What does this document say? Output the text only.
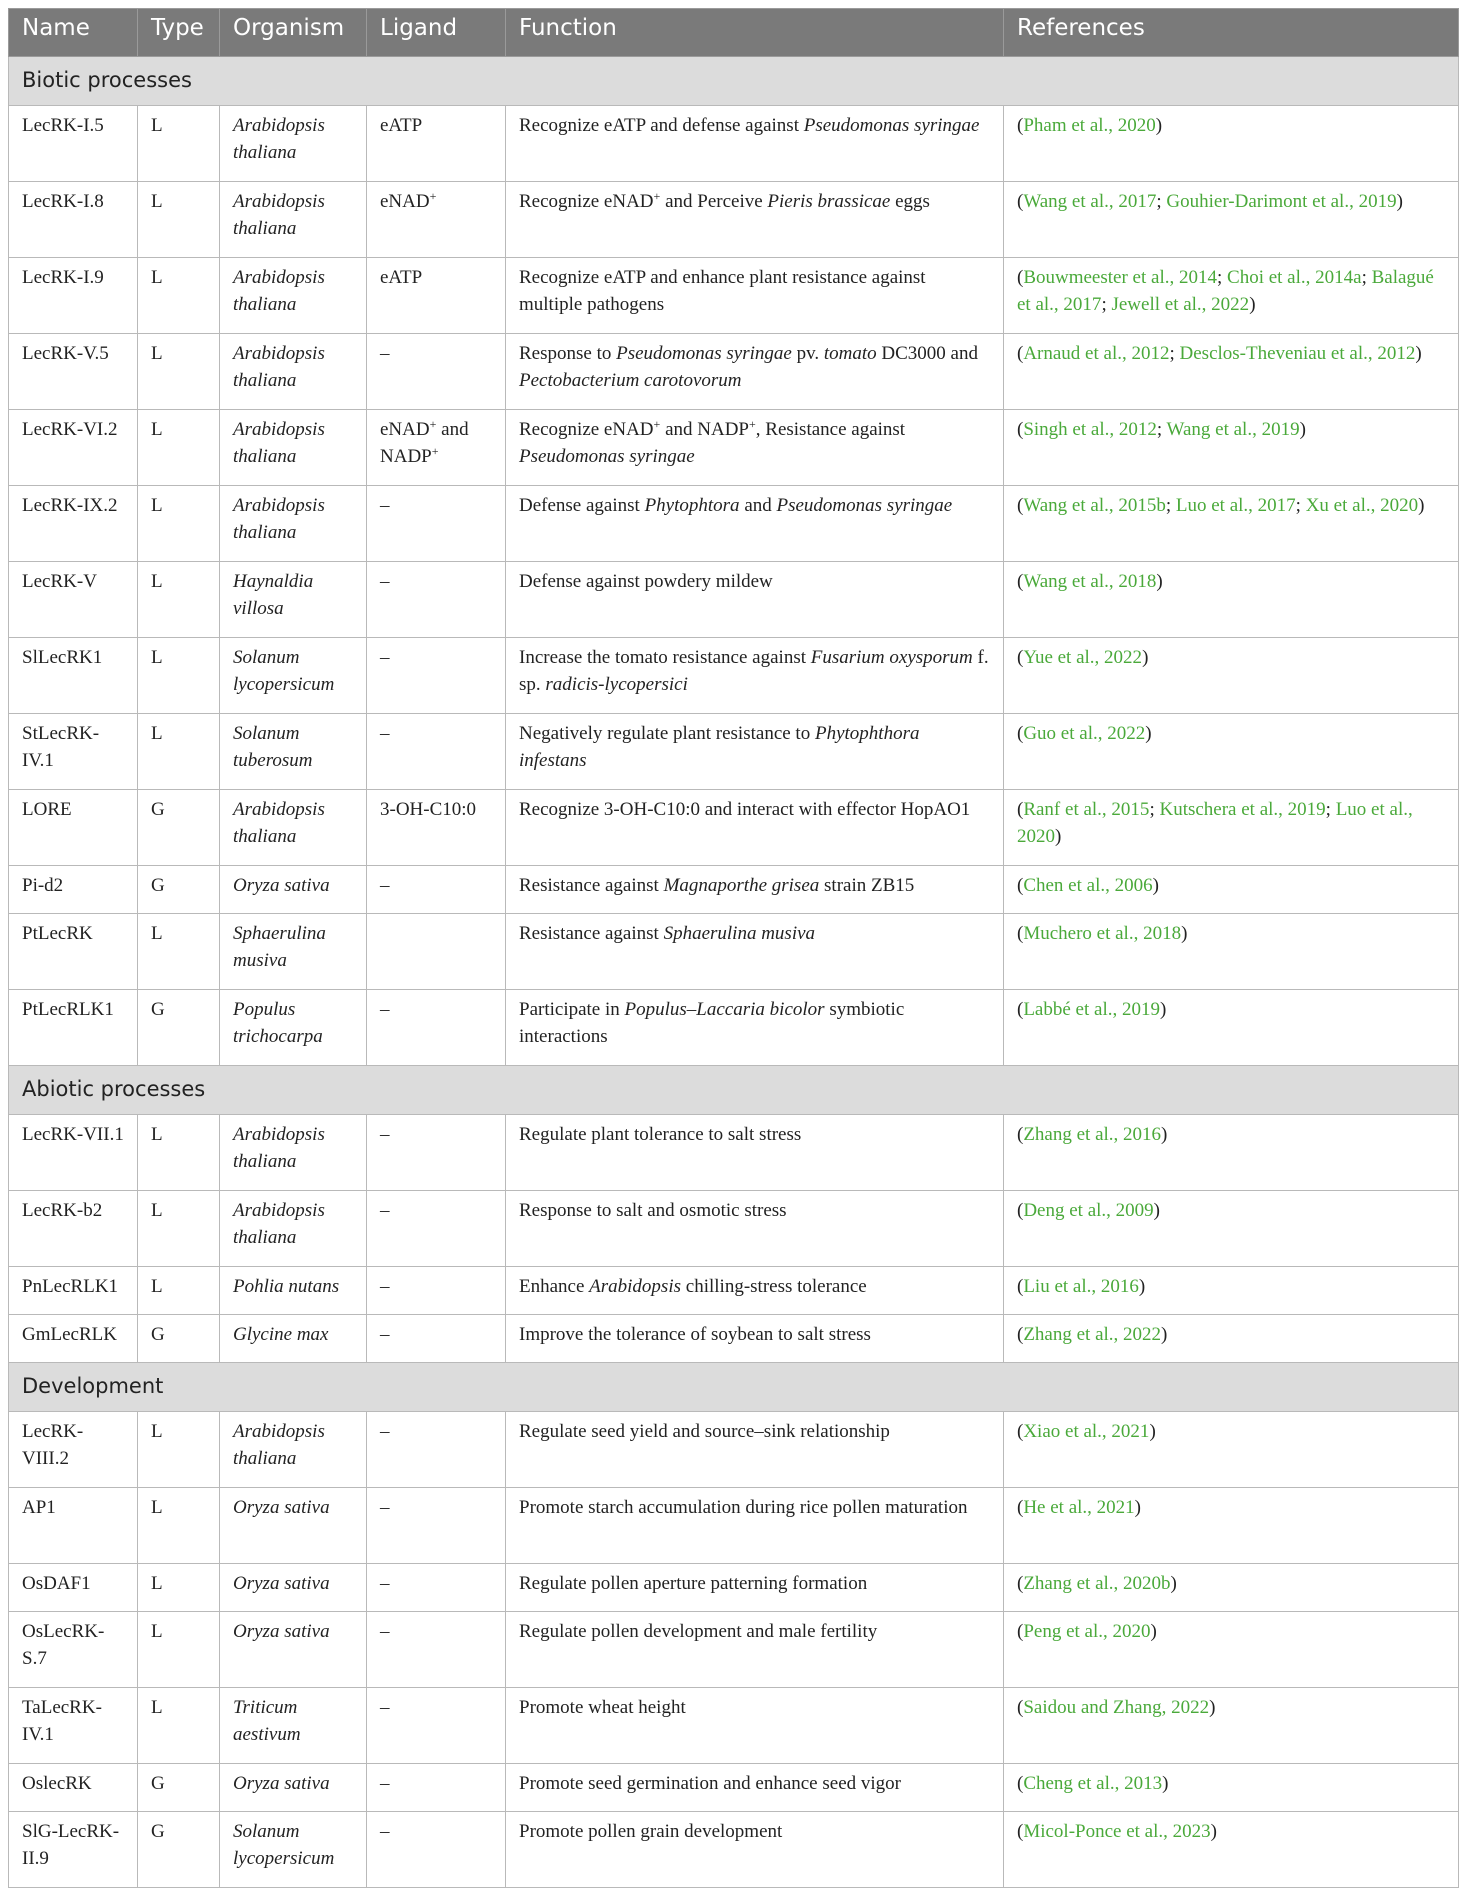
Name	Type	Organism	Ligand	Function	References
Biotic processes					
LecRK-I.5	L	Arabidopsis thaliana	eATP	Recognize eATP and defense against Pseudomonas syringae	(Pham et al., 2020)
LecRK-I.8	L	Arabidopsis thaliana	eNAD+	Recognize eNAD+ and Perceive Pieris brassicae eggs	(Wang et al., 2017; Gouhier-Darimont et al., 2019)
LecRK-I.9	L	Arabidopsis thaliana	eATP	Recognize eATP and enhance plant resistance against multiple pathogens	(Bouwmeester et al., 2014; Choi et al., 2014a; Balagué et al., 2017; Jewell et al., 2022)
LecRK-V.5	L	Arabidopsis thaliana	–	Response to Pseudomonas syringae pv. tomato DC3000 and Pectobacterium carotovorum	(Arnaud et al., 2012; Desclos-Theveniau et al., 2012)
LecRK-VI.2	L	Arabidopsis thaliana	eNAD+ and NADP+	Recognize eNAD+ and NADP+, Resistance against Pseudomonas syringae	(Singh et al., 2012; Wang et al., 2019)
LecRK-IX.2	L	Arabidopsis thaliana	–	Defense against Phytophtora and Pseudomonas syringae	(Wang et al., 2015b; Luo et al., 2017; Xu et al., 2020)
LecRK-V	L	Haynaldia villosa	–	Defense against powdery mildew	(Wang et al., 2018)
SlLecRK1	L	Solanum lycopersicum	–	Increase the tomato resistance against Fusarium oxysporum f. sp. radicis-lycopersici	(Yue et al., 2022)
StLecRK-IV.1	L	Solanum tuberosum	–	Negatively regulate plant resistance to Phytophthora infestans	(Guo et al., 2022)
LORE	G	Arabidopsis thaliana	3-OH-C10:0	Recognize 3-OH-C10:0 and interact with effector HopAO1	(Ranf et al., 2015; Kutschera et al., 2019; Luo et al., 2020)
Pi-d2	G	Oryza sativa	–	Resistance against Magnaporthe grisea strain ZB15	(Chen et al., 2006)
PtLecRK	L	Sphaerulina musiva		Resistance against Sphaerulina musiva	(Muchero et al., 2018)
PtLecRLK1	G	Populus trichocarpa	–	Participate in Populus–Laccaria bicolor symbiotic interactions	(Labbé et al., 2019)
Abiotic processes					
LecRK-VII.1	L	Arabidopsis thaliana	–	Regulate plant tolerance to salt stress	(Zhang et al., 2016)
LecRK-b2	L	Arabidopsis thaliana	–	Response to salt and osmotic stress	(Deng et al., 2009)
PnLecRLK1	L	Pohlia nutans	–	Enhance Arabidopsis chilling-stress tolerance	(Liu et al., 2016)
GmLecRLK	G	Glycine max	–	Improve the tolerance of soybean to salt stress	(Zhang et al., 2022)
Development					
LecRK-VIII.2	L	Arabidopsis thaliana	–	Regulate seed yield and source–sink relationship	(Xiao et al., 2021)
AP1	L	Oryza sativa	–	Promote starch accumulation during rice pollen maturation	(He et al., 2021)
OsDAF1	L	Oryza sativa	–	Regulate pollen aperture patterning formation	(Zhang et al., 2020b)
OsLecRK-S.7	L	Oryza sativa	–	Regulate pollen development and male fertility	(Peng et al., 2020)
TaLecRK-IV.1	L	Triticum aestivum	–	Promote wheat height	(Saidou and Zhang, 2022)
OslecRK	G	Oryza sativa	–	Promote seed germination and enhance seed vigor	(Cheng et al., 2013)
SlG-LecRK-II.9	G	Solanum lycopersicum	–	Promote pollen grain development	(Micol-Ponce et al., 2023)
